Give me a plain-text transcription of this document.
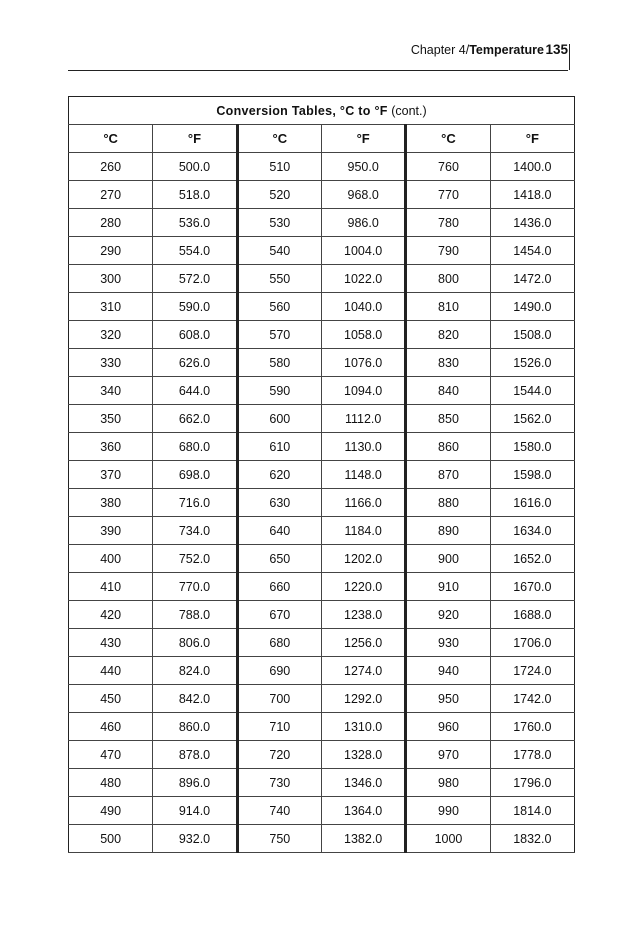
Chapter 4/Temperature 135
Conversion Tables, °C to °F (cont.)					
°C	°F	°C	°F	°C	°F
260	500.0	510	950.0	760	1400.0
270	518.0	520	968.0	770	1418.0
280	536.0	530	986.0	780	1436.0
290	554.0	540	1004.0	790	1454.0
300	572.0	550	1022.0	800	1472.0
310	590.0	560	1040.0	810	1490.0
320	608.0	570	1058.0	820	1508.0
330	626.0	580	1076.0	830	1526.0
340	644.0	590	1094.0	840	1544.0
350	662.0	600	1112.0	850	1562.0
360	680.0	610	1130.0	860	1580.0
370	698.0	620	1148.0	870	1598.0
380	716.0	630	1166.0	880	1616.0
390	734.0	640	1184.0	890	1634.0
400	752.0	650	1202.0	900	1652.0
410	770.0	660	1220.0	910	1670.0
420	788.0	670	1238.0	920	1688.0
430	806.0	680	1256.0	930	1706.0
440	824.0	690	1274.0	940	1724.0
450	842.0	700	1292.0	950	1742.0
460	860.0	710	1310.0	960	1760.0
470	878.0	720	1328.0	970	1778.0
480	896.0	730	1346.0	980	1796.0
490	914.0	740	1364.0	990	1814.0
500	932.0	750	1382.0	1000	1832.0
